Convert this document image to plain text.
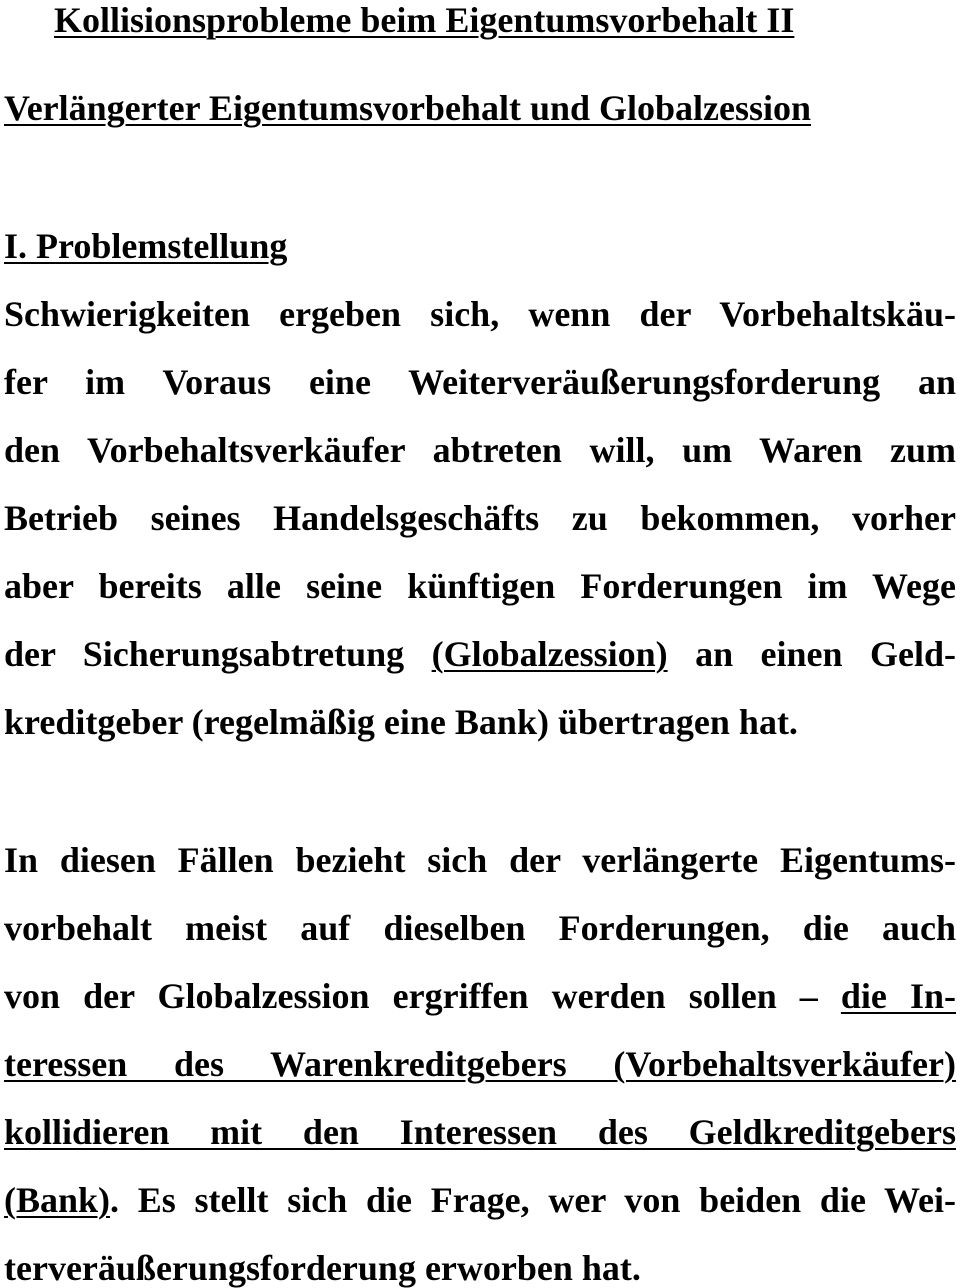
Kollisionsprobleme beim Eigentumsvorbehalt II
Verlängerter Eigentumsvorbehalt und Globalzession
I. Problemstellung
Schwierigkeiten ergeben sich, wenn der Vorbehaltskäu-
fer im Voraus eine Weiterveräußerungsforderung an
den Vorbehaltsverkäufer abtreten will, um Waren zum
Betrieb seines Handelsgeschäfts zu bekommen, vorher
aber bereits alle seine künftigen Forderungen im Wege
der Sicherungsabtretung (Globalzession) an einen Geld-
kreditgeber (regelmäßig eine Bank) übertragen hat.
In diesen Fällen bezieht sich der verlängerte Eigentums-
vorbehalt meist auf dieselben Forderungen, die auch
von der Globalzession ergriffen werden sollen – die In-
teressen des Warenkreditgebers (Vorbehaltsverkäufer)
kollidieren mit den Interessen des Geldkreditgebers
(Bank). Es stellt sich die Frage, wer von beiden die Wei-
terveräußerungsforderung erworben hat.
